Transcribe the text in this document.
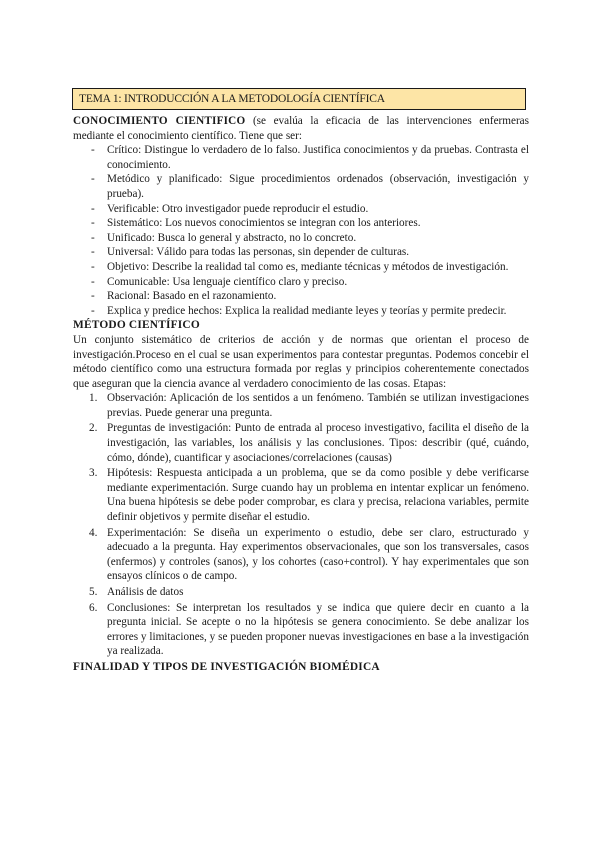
TEMA 1: INTRODUCCIÓN A LA METODOLOGÍA CIENTÍFICA

CONOCIMIENTO CIENTIFICO (se evalúa la eficacia de las intervenciones enfermeras mediante el conocimiento científico. Tiene que ser:

- Crítico: Distingue lo verdadero de lo falso. Justifica conocimientos y da pruebas. Contrasta el conocimiento.
- Metódico y planificado: Sigue procedimientos ordenados (observación, investigación y prueba).
- Verificable: Otro investigador puede reproducir el estudio.
- Sistemático: Los nuevos conocimientos se integran con los anteriores.
- Unificado: Busca lo general y abstracto, no lo concreto.
- Universal: Válido para todas las personas, sin depender de culturas.
- Objetivo: Describe la realidad tal como es, mediante técnicas y métodos de investigación.
- Comunicable: Usa lenguaje científico claro y preciso.
- Racional: Basado en el razonamiento.
- Explica y predice hechos: Explica la realidad mediante leyes y teorías y permite predecir.
MÉTODO CIENTÍFICO

Un conjunto sistemático de criterios de acción y de normas que orientan el proceso de investigación.Proceso en el cual se usan experimentos para contestar preguntas. Podemos concebir el método científico como una estructura formada por reglas y principios coherentemente conectados que aseguran que la ciencia avance al verdadero conocimiento de las cosas. Etapas:

1. Observación: Aplicación de los sentidos a un fenómeno. También se utilizan investigaciones previas. Puede generar una pregunta.
2. Preguntas de investigación: Punto de entrada al proceso investigativo, facilita el diseño de la investigación, las variables, los análisis y las conclusiones. Tipos: describir (qué, cuándo, cómo, dónde), cuantificar y asociaciones/correlaciones (causas)
3. Hipótesis: Respuesta anticipada a un problema, que se da como posible y debe verificarse mediante experimentación. Surge cuando hay un problema en intentar explicar un fenómeno. Una buena hipótesis se debe poder comprobar, es clara y precisa, relaciona variables, permite definir objetivos y permite diseñar el estudio.
4. Experimentación: Se diseña un experimento o estudio, debe ser claro, estructurado y adecuado a la pregunta. Hay experimentos observacionales, que son los transversales, casos (enfermos) y controles (sanos), y los cohortes (caso+control). Y hay experimentales que son ensayos clínicos o de campo.
5. Análisis de datos
6. Conclusiones: Se interpretan los resultados y se indica que quiere decir en cuanto a la pregunta inicial. Se acepte o no la hipótesis se genera conocimiento. Se debe analizar los errores y limitaciones, y se pueden proponer nuevas investigaciones en base a la investigación ya realizada.
FINALIDAD Y TIPOS DE INVESTIGACIÓN BIOMÉDICA
